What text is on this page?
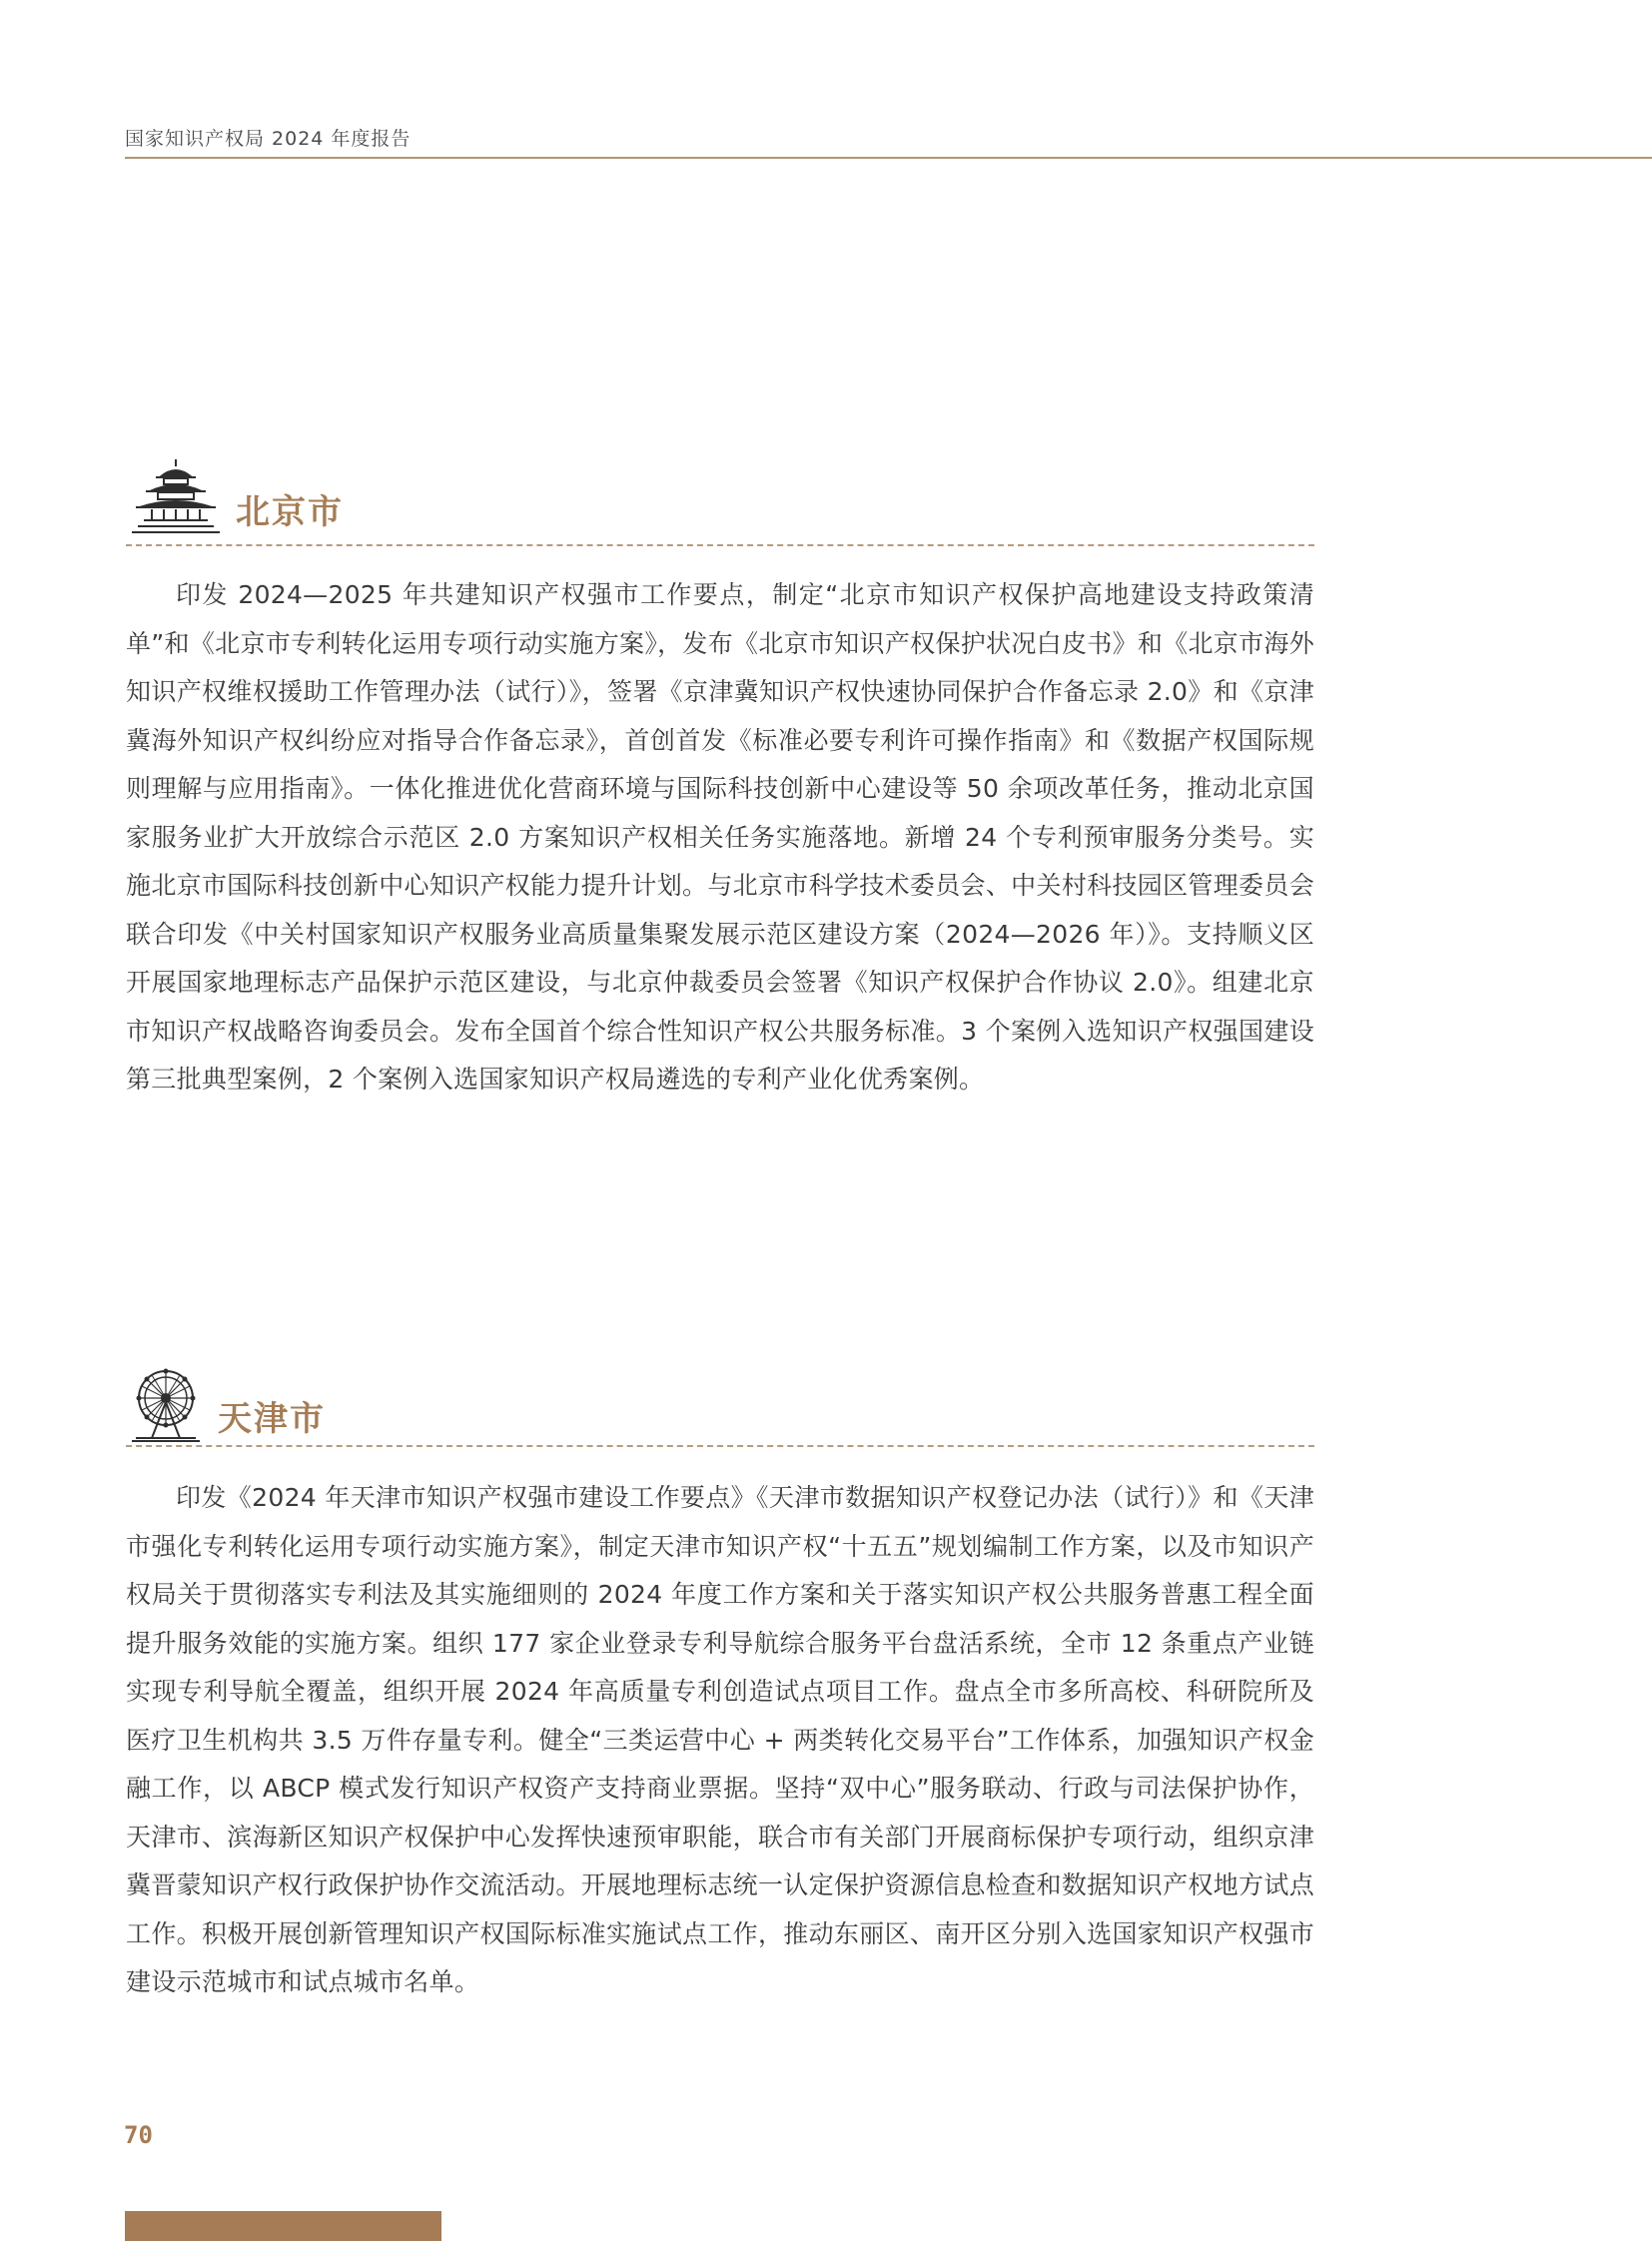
国家知识产权局 2024 年度报告
北京市

印发 2024—2025 年共建知识产权强市工作要点，制定“北京市知识产权保护高地建设支持政策清单”和《北京市专利转化运用专项行动实施方案》，发布《北京市知识产权保护状况白皮书》和《北京市海外知识产权维权援助工作管理办法（试行）》，签署《京津冀知识产权快速协同保护合作备忘录 2.0》和《京津冀海外知识产权纠纷应对指导合作备忘录》，首创首发《标准必要专利许可操作指南》和《数据产权国际规则理解与应用指南》。一体化推进优化营商环境与国际科技创新中心建设等 50 余项改革任务，推动北京国家服务业扩大开放综合示范区 2.0 方案知识产权相关任务实施落地。新增 24 个专利预审服务分类号。实施北京市国际科技创新中心知识产权能力提升计划。与北京市科学技术委员会、中关村科技园区管理委员会联合印发《中关村国家知识产权服务业高质量集聚发展示范区建设方案（2024—2026 年）》。支持顺义区开展国家地理标志产品保护示范区建设，与北京仲裁委员会签署《知识产权保护合作协议 2.0》。组建北京市知识产权战略咨询委员会。发布全国首个综合性知识产权公共服务标准。3 个案例入选知识产权强国建设第三批典型案例，2 个案例入选国家知识产权局遴选的专利产业化优秀案例。

天津市

印发《2024 年天津市知识产权强市建设工作要点》《天津市数据知识产权登记办法（试行）》和《天津市强化专利转化运用专项行动实施方案》，制定天津市知识产权“十五五”规划编制工作方案，以及市知识产权局关于贯彻落实专利法及其实施细则的 2024 年度工作方案和关于落实知识产权公共服务普惠工程全面提升服务效能的实施方案。组织 177 家企业登录专利导航综合服务平台盘活系统，全市 12 条重点产业链实现专利导航全覆盖，组织开展 2024 年高质量专利创造试点项目工作。盘点全市多所高校、科研院所及医疗卫生机构共 3.5 万件存量专利。健全“三类运营中心 + 两类转化交易平台”工作体系，加强知识产权金融工作，以 ABCP 模式发行知识产权资产支持商业票据。坚持“双中心”服务联动、行政与司法保护协作，天津市、滨海新区知识产权保护中心发挥快速预审职能，联合市有关部门开展商标保护专项行动，组织京津冀晋蒙知识产权行政保护协作交流活动。开展地理标志统一认定保护资源信息检查和数据知识产权地方试点工作。积极开展创新管理知识产权国际标准实施试点工作，推动东丽区、南开区分别入选国家知识产权强市建设示范城市和试点城市名单。

70
